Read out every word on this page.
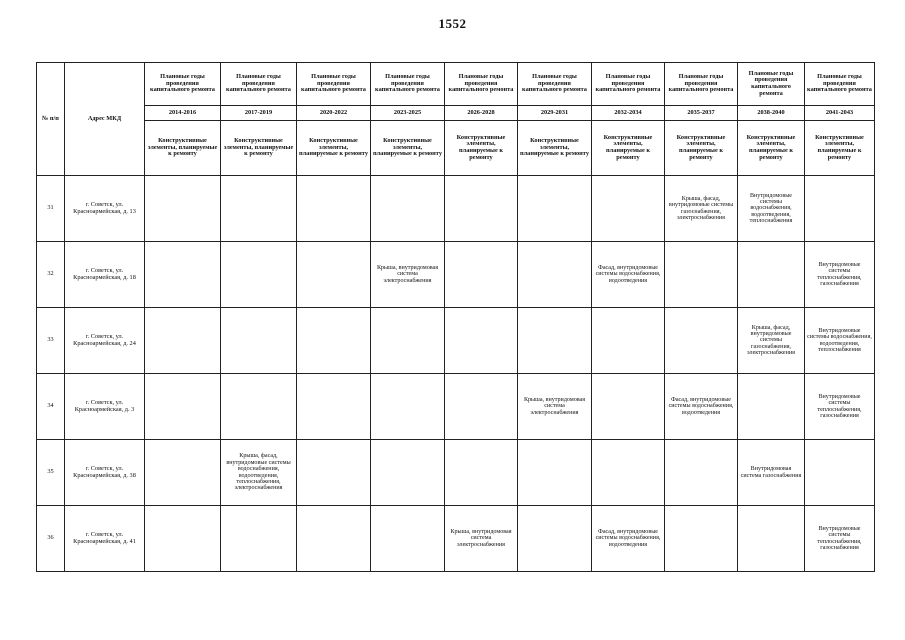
1552
№ п/п	Адрес МКД	Плановые годы проведения капитального ремонта	Плановые годы проведения капитального ремонта	Плановые годы проведения капитального ремонта	Плановые годы проведения капитального ремонта	Плановые годы проведения капитального ремонта	Плановые годы проведения капитального ремонта	Плановые годы проведения капитального ремонта	Плановые годы проведения капитального ремонта	Плановые годы проведения капитального ремонта	Плановые годы проведения капитального ремонта
		2014-2016	2017-2019	2020-2022	2023-2025	2026-2028	2029-2031	2032-2034	2035-2037	2038-2040	2041-2043
		Конструктивные элементы, планируемые к ремонту	Конструктивные элементы, планируемые к ремонту	Конструктивные элементы, планируемые к ремонту	Конструктивные элементы, планируемые к ремонту	Конструктивные элементы, планируемые к ремонту	Конструктивные элементы, планируемые к ремонту	Конструктивные элементы, планируемые к ремонту	Конструктивные элементы, планируемые к ремонту	Конструктивные элементы, планируемые к ремонту	Конструктивные элементы, планируемые к ремонту
31	г. Советск, ул. Красноармейская, д. 13								Крыша, фасад, внутридомовые системы газоснабжения, электроснабжения	Внутридомовые системы водоснабжения, водоотведения, теплоснабжения	
32	г. Советск, ул. Красноармейская, д. 18				Крыша, внутридомовая система электроснабжения			Фасад, внутридомовые системы водоснабжения, водоотведения			Внутридомовые системы теплоснабжения, газоснабжения
33	г. Советск, ул. Красноармейская, д. 24									Крыша, фасад, внутридомовые системы газоснабжения, электроснабжения	Внутридомовые системы водоснабжения, водоотведения, теплоснабжения
34	г. Советск, ул. Красноармейская, д. 3						Крыша, внутридомовая система электроснабжения		Фасад, внутридомовые системы водоснабжения, водоотведения		Внутридомовые системы теплоснабжения, газоснабжения
35	г. Советск, ул. Красноармейская, д. 38		Крыша, фасад, внутридомовые системы водоснабжения, водоотведения, теплоснабжения, электроснабжения							Внутридомовая система газоснабжения	
36	г. Советск, ул. Красноармейская, д. 41					Крыша, внутридомовая система электроснабжения		Фасад, внутридомовые системы водоснабжения, водоотведения			Внутридомовые системы теплоснабжения, газоснабжения
